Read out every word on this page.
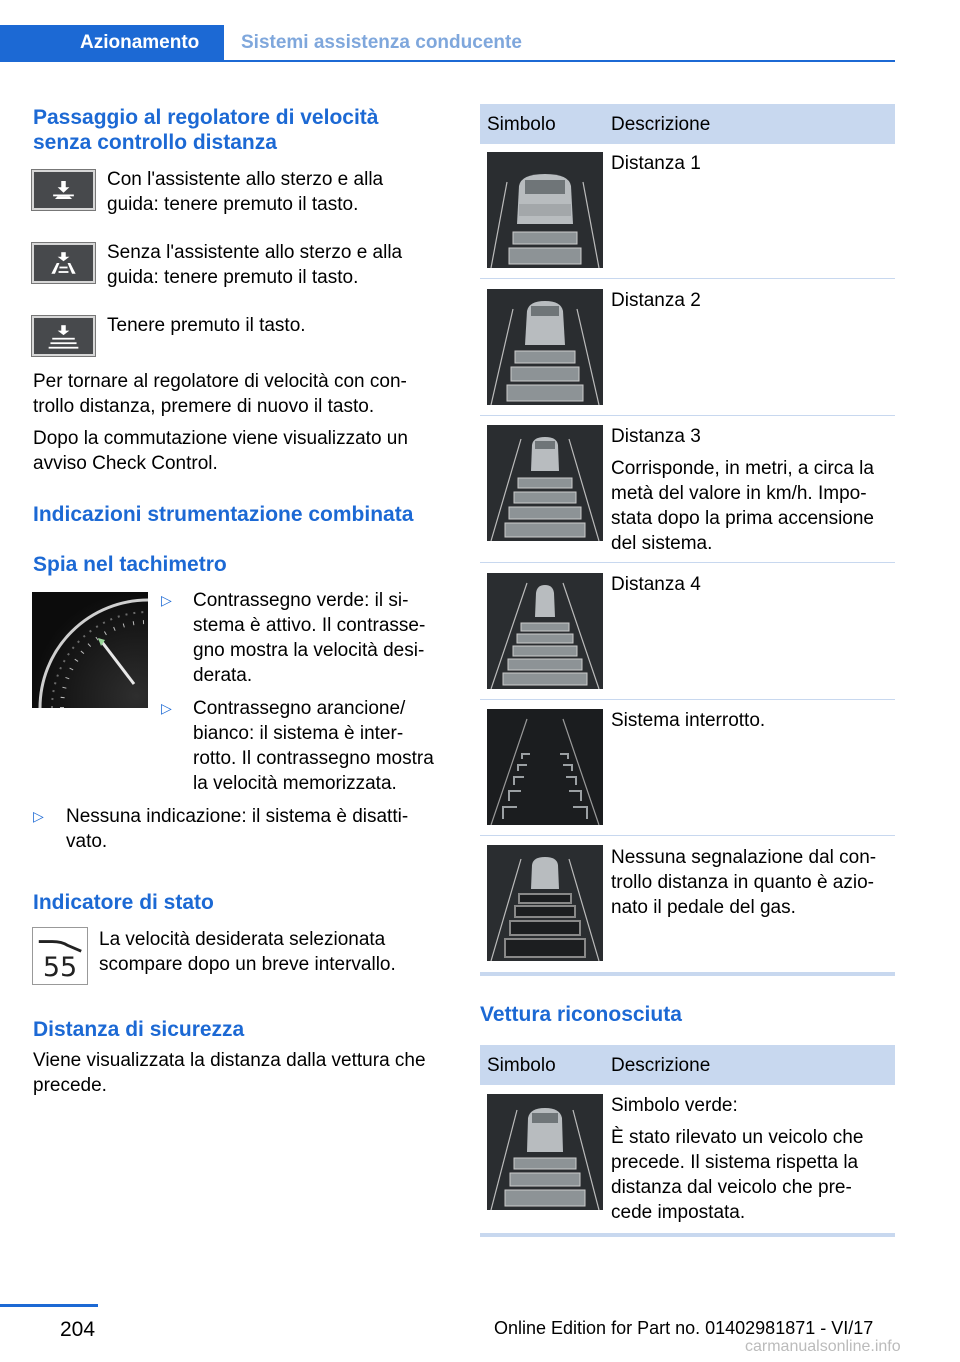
Azionamento	Sistemi assistenza conducente
Passaggio al regolatore di velocità
senza controllo distanza
Con l'assistente allo sterzo e alla
guida: tenere premuto il tasto.
Senza l'assistente allo sterzo e alla
guida: tenere premuto il tasto.
Tenere premuto il tasto.
Per tornare al regolatore di velocità con con‐
trollo distanza, premere di nuovo il tasto.
Dopo la commutazione viene visualizzato un
avviso Check Control.
Indicazioni strumentazione combinata
Spia nel tachimetro
▷ Contrassegno verde: il si‐
stema è attivo. Il contrasse‐
gno mostra la velocità desi‐
derata.
▷ Contrassegno arancione/
bianco: il sistema è inter‐
rotto. Il contrassegno mostra
la velocità memorizzata.
▷ Nessuna indicazione: il sistema è disatti‐
vato.
Indicatore di stato
55
La velocità desiderata selezionata
scompare dopo un breve intervallo.
Distanza di sicurezza
Viene visualizzata la distanza dalla vettura che
precede.
Simbolo	Descrizione

Distanza 1

Distanza 2

Distanza 3

Corrisponde, in metri, a circa la
metà del valore in km/h. Impo‐
stata dopo la prima accensione
del sistema.

Distanza 4

Sistema interrotto.

Nessuna segnalazione dal con‐
trollo distanza in quanto è azio‐
nato il pedale del gas.

Vettura riconosciuta
Simbolo	Descrizione

Simbolo verde:

È stato rilevato un veicolo che
precede. Il sistema rispetta la
distanza dal veicolo che pre‐
cede impostata.

204	Online Edition for Part no. 01402981871 - VI/17
carmanualsonline.info
